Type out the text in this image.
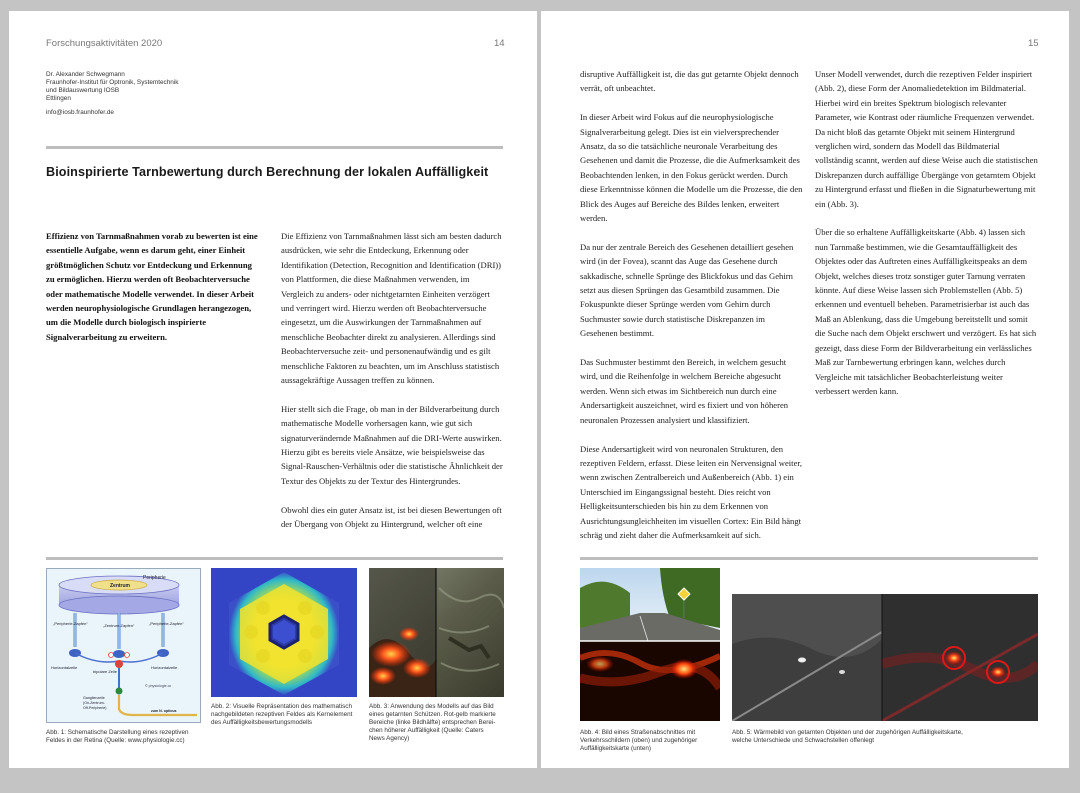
Forschungsaktivitäten 2020	14	15
Dr. Alexander Schwegmann
Fraunhofer-Institut für Optronik, Systemtechnik
und Bildauswertung IOSB
Ettlingen
info@iosb.fraunhofer.de
Bioinspirierte Tarnbewertung durch Berechnung der lokalen Auffälligkeit

Effizienz von Tarnmaßnahmen vorab zu bewerten ist eine essentielle Aufgabe, wenn es darum geht, einer Einheit größtmöglichen Schutz vor Entdeckung und Erkennung zu ermöglichen. Hierzu werden oft Beobachterversuche oder mathematische Modelle verwendet. In dieser Arbeit werden neurophysiologische Grundlagen herangezogen, um die Modelle durch biologisch inspirierte Signalverarbeitung zu erweitern.

Die Effizienz von Tarnmaßnahmen lässt sich am besten dadurch ausdrücken, wie sehr die Entdeckung, Erkennung oder Identifikation (Detection, Recognition and Identification (DRI)) von Plattformen, die diese Maßnahmen verwenden, im Vergleich zu anders- oder nichtgetarnten Einheiten verzögert und verringert wird. Hierzu werden oft Beobachterversuche eingesetzt, um die Auswirkungen der Tarnmaßnahmen auf menschliche Beobachter direkt zu analysieren. Allerdings sind Beobachterversuche zeit- und personenaufwändig und es gilt menschliche Faktoren zu beachten, um im Anschluss statistisch aussagekräftige Aussagen treffen zu können.

Hier stellt sich die Frage, ob man in der Bildverarbeitung durch mathematische Modelle vorhersagen kann, wie gut sich signaturverändernde Maßnahmen auf die DRI-Werte auswirken. Hierzu gibt es bereits viele Ansätze, wie beispielsweise das Signal-Rauschen-Verhältnis oder die statistische Ähnlichkeit der Textur des Objekts zu der Textur des Hintergrundes.

Obwohl dies ein guter Ansatz ist, ist bei diesen Bewertungen oft der Übergang von Objekt zu Hintergrund, welcher oft eine

disruptive Auffälligkeit ist, die das gut getarnte Objekt dennoch verrät, oft unbeachtet.

In dieser Arbeit wird Fokus auf die neurophysiologische Signalverarbeitung gelegt. Dies ist ein vielversprechender Ansatz, da so die tatsächliche neuronale Verarbeitung des Gesehenen und damit die Prozesse, die die Aufmerksamkeit des Beobachtenden lenken, in den Fokus gerückt werden. Durch diese Erkenntnisse können die Modelle um die Prozesse, die den Blick des Auges auf Bereiche des Bildes lenken, erweitert werden.

Da nur der zentrale Bereich des Gesehenen detailliert gesehen wird (in der Fovea), scannt das Auge das Gesehene durch sakkadische, schnelle Sprünge des Blickfokus und das Gehirn setzt aus diesen Sprüngen das Gesamtbild zusammen. Die Fokuspunkte dieser Sprünge werden vom Gehirn durch Suchmuster sowie durch statistische Diskrepanzen im Gesehenen bestimmt.

Das Suchmuster bestimmt den Bereich, in welchem gesucht wird, und die Reihenfolge in welchem Bereiche abgesucht werden. Wenn sich etwas im Sichtbereich nun durch eine Andersartigkeit auszeichnet, wird es fixiert und von höheren neuronalen Prozessen analysiert und klassifiziert.

Diese Andersartigkeit wird von neuronalen Strukturen, den rezeptiven Feldern, erfasst. Diese leiten ein Nervensignal weiter, wenn zwischen Zentralbereich und Außenbereich (Abb. 1) ein Unterschied im Eingangssignal besteht. Dies reicht von Helligkeitsunterschieden bis hin zu dem Erkennen von Ausrichtungsungleichheiten im visuellen Cortex: Ein Bild hängt schräg und zieht daher die Aufmerksamkeit auf sich.

Unser Modell verwendet, durch die rezeptiven Felder inspiriert (Abb. 2), diese Form der Anomaliedetektion im Bildmaterial. Hierbei wird ein breites Spektrum biologisch relevanter Parameter, wie Kontrast oder räumliche Frequenzen verwendet. Da nicht bloß das getarnte Objekt mit seinem Hintergrund verglichen wird, sondern das Modell das Bildmaterial vollständig scannt, werden auf diese Weise auch die statistischen Diskrepanzen durch auffällige Übergänge von getarntem Objekt zu Hintergrund erfasst und fließen in die Signaturbewertung mit ein (Abb. 3).

Über die so erhaltene Auffälligkeitskarte (Abb. 4) lassen sich nun Tarnmaße bestimmen, wie die Gesamtauffälligkeit des Objektes oder das Auftreten eines Auffälligkeitspeaks an dem Objekt, welches dieses trotz sonstiger guter Tarnung verraten könnte. Auf diese Weise lassen sich Problemstellen (Abb. 5) erkennen und eventuell beheben. Parametrisierbar ist auch das Maß an Ablenkung, dass die Umgebung bereitstellt und somit die Suche nach dem Objekt erschwert und verzögert. Es hat sich gezeigt, dass diese Form der Bildverarbeitung ein verlässliches Maß zur Tarnbewertung erbringen kann, welches durch Vergleiche mit tatsächlicher Beobachterleistung weiter verbessert werden kann.

Peripherie
Zentrum
„Peripherie-Zapfen“	„Zentrum-Zapfen“	„Peripherie-Zapfen“
Horizontalzelle	Horizontalzelle
bipolare Zelle
© physiologie.cc
Ganglienzelle
(On-Zentrum-
Off-Peripherie)
zum N. opticus
Abb. 1: Schematische Darstellung eines rezeptiven
Feldes in der Retina (Quelle: www.physiologie.cc)
Abb. 2: Visuelle Repräsentation des mathematisch
nachgebildeten rezeptiven Feldes als Kernelement
des Auffälligkeitsbewertungsmodells
Abb. 3: Anwendung des Modells auf das Bild
eines getarnten Schützen. Rot-gelb markierte
Bereiche (linke Bildhälfte) entsprechen Berei-
chen höherer Auffälligkeit (Quelle: Caters
News Agency)
Abb. 4: Bild eines Straßenabschnittes mit
Verkehrsschildern (oben) und zugehöriger
Auffälligkeitskarte (unten)
Abb. 5: Wärmebild von getarnten Objekten und der zugehörigen Auffälligkeitskarte,
welche Unterschiede und Schwachstellen offenlegt
